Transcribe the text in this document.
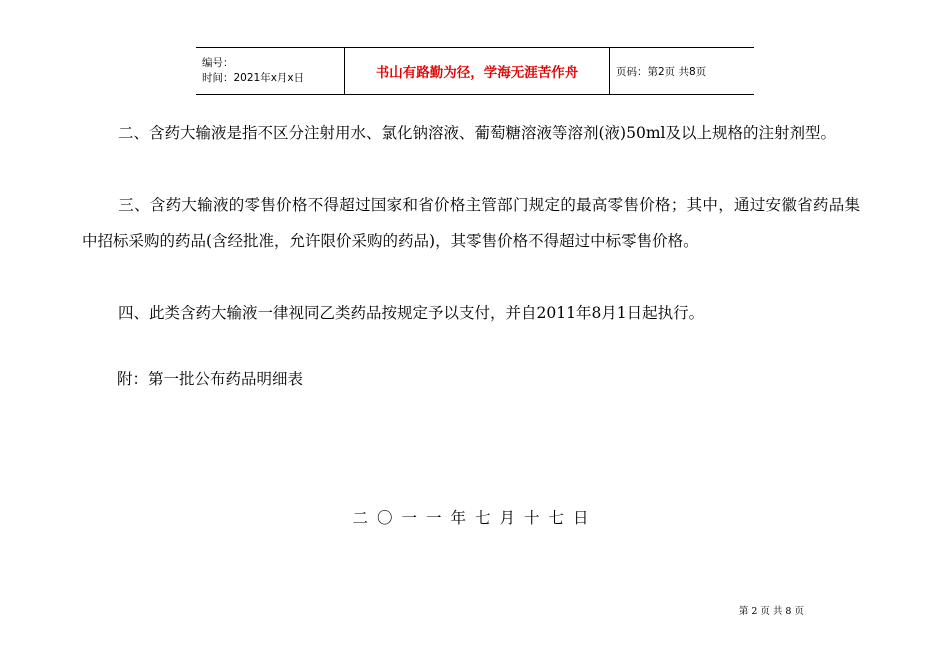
编号：
时间：2021年x月x日	书山有路勤为径，学海无涯苦作舟	页码：第2页 共8页

二、含药大输液是指不区分注射用水、氯化钠溶液、葡萄糖溶液等溶剂(液)50ml及以上规格的注射剂型。

三、含药大输液的零售价格不得超过国家和省价格主管部门规定的最高零售价格；其中，通过安徽省药品集中招标采购的药品(含经批准，允许限价采购的药品)，其零售价格不得超过中标零售价格。

四、此类含药大输液一律视同乙类药品按规定予以支付，并自2011年8月1日起执行。

附：第一批公布药品明细表

二〇一一年七月十七日

第 2 页 共 8 页
